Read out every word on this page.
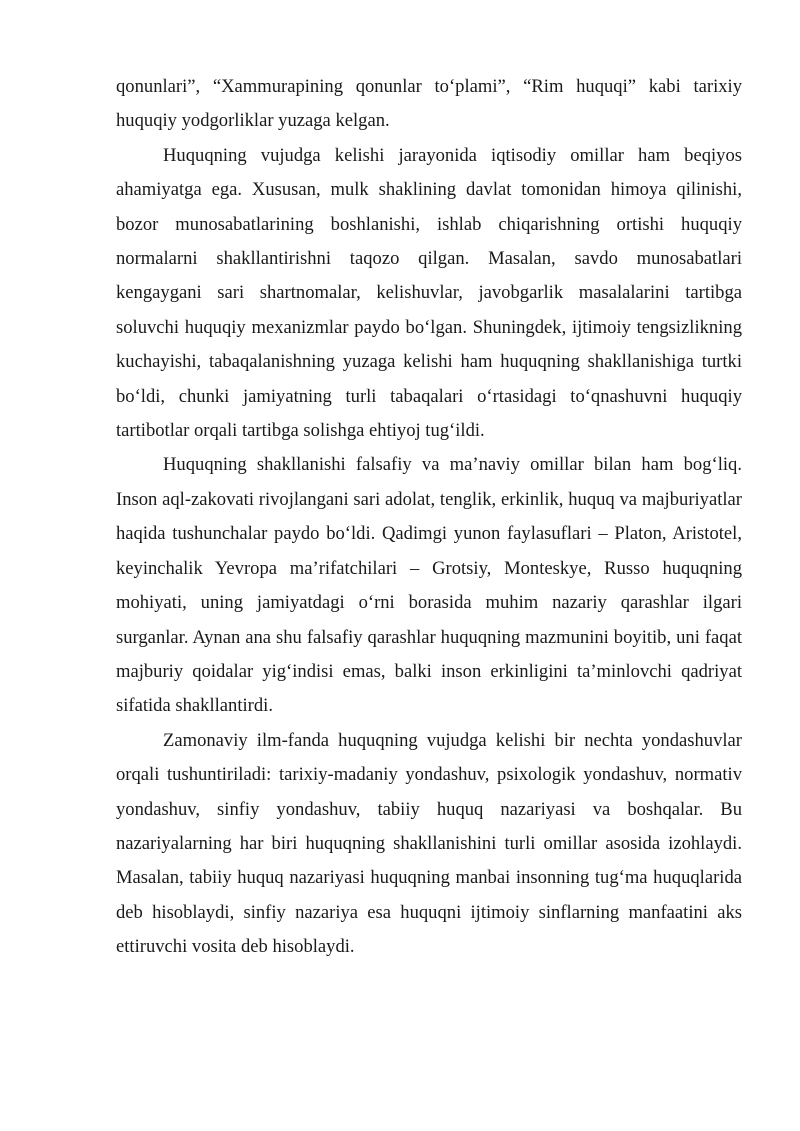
qonunlari”, “Xammurapining qonunlar to‘plami”, “Rim huquqi” kabi tarixiy huquqiy yodgorliklar yuzaga kelgan.

Huquqning vujudga kelishi jarayonida iqtisodiy omillar ham beqiyos ahamiyatga ega. Xususan, mulk shaklining davlat tomonidan himoya qilinishi, bozor munosabatlarining boshlanishi, ishlab chiqarishning ortishi huquqiy normalarni shakllantirishni taqozo qilgan. Masalan, savdo munosabatlari kengaygani sari shartnomalar, kelishuvlar, javobgarlik masalalarini tartibga soluvchi huquqiy mexanizmlar paydo bo‘lgan. Shuningdek, ijtimoiy tengsizlikning kuchayishi, tabaqalanishning yuzaga kelishi ham huquqning shakllanishiga turtki bo‘ldi, chunki jamiyatning turli tabaqalari o‘rtasidagi to‘qnashuvni huquqiy tartibotlar orqali tartibga solishga ehtiyoj tug‘ildi.

Huquqning shakllanishi falsafiy va ma’naviy omillar bilan ham bog‘liq. Inson aql-zakovati rivojlangani sari adolat, tenglik, erkinlik, huquq va majburiyatlar haqida tushunchalar paydo bo‘ldi. Qadimgi yunon faylasuflari – Platon, Aristotel, keyinchalik Yevropa ma’rifatchilari – Grotsiy, Monteskye, Russo huquqning mohiyati, uning jamiyatdagi o‘rni borasida muhim nazariy qarashlar ilgari surganlar. Aynan ana shu falsafiy qarashlar huquqning mazmunini boyitib, uni faqat majburiy qoidalar yig‘indisi emas, balki inson erkinligini ta’minlovchi qadriyat sifatida shakllantirdi.

Zamonaviy ilm-fanda huquqning vujudga kelishi bir nechta yondashuvlar orqali tushuntiriladi: tarixiy-madaniy yondashuv, psixologik yondashuv, normativ yondashuv, sinfiy yondashuv, tabiiy huquq nazariyasi va boshqalar. Bu nazariyalarning har biri huquqning shakllanishini turli omillar asosida izohlaydi. Masalan, tabiiy huquq nazariyasi huquqning manbai insonning tug‘ma huquqlarida deb hisoblaydi, sinfiy nazariya esa huquqni ijtimoiy sinflarning manfaatini aks ettiruvchi vosita deb hisoblaydi.
